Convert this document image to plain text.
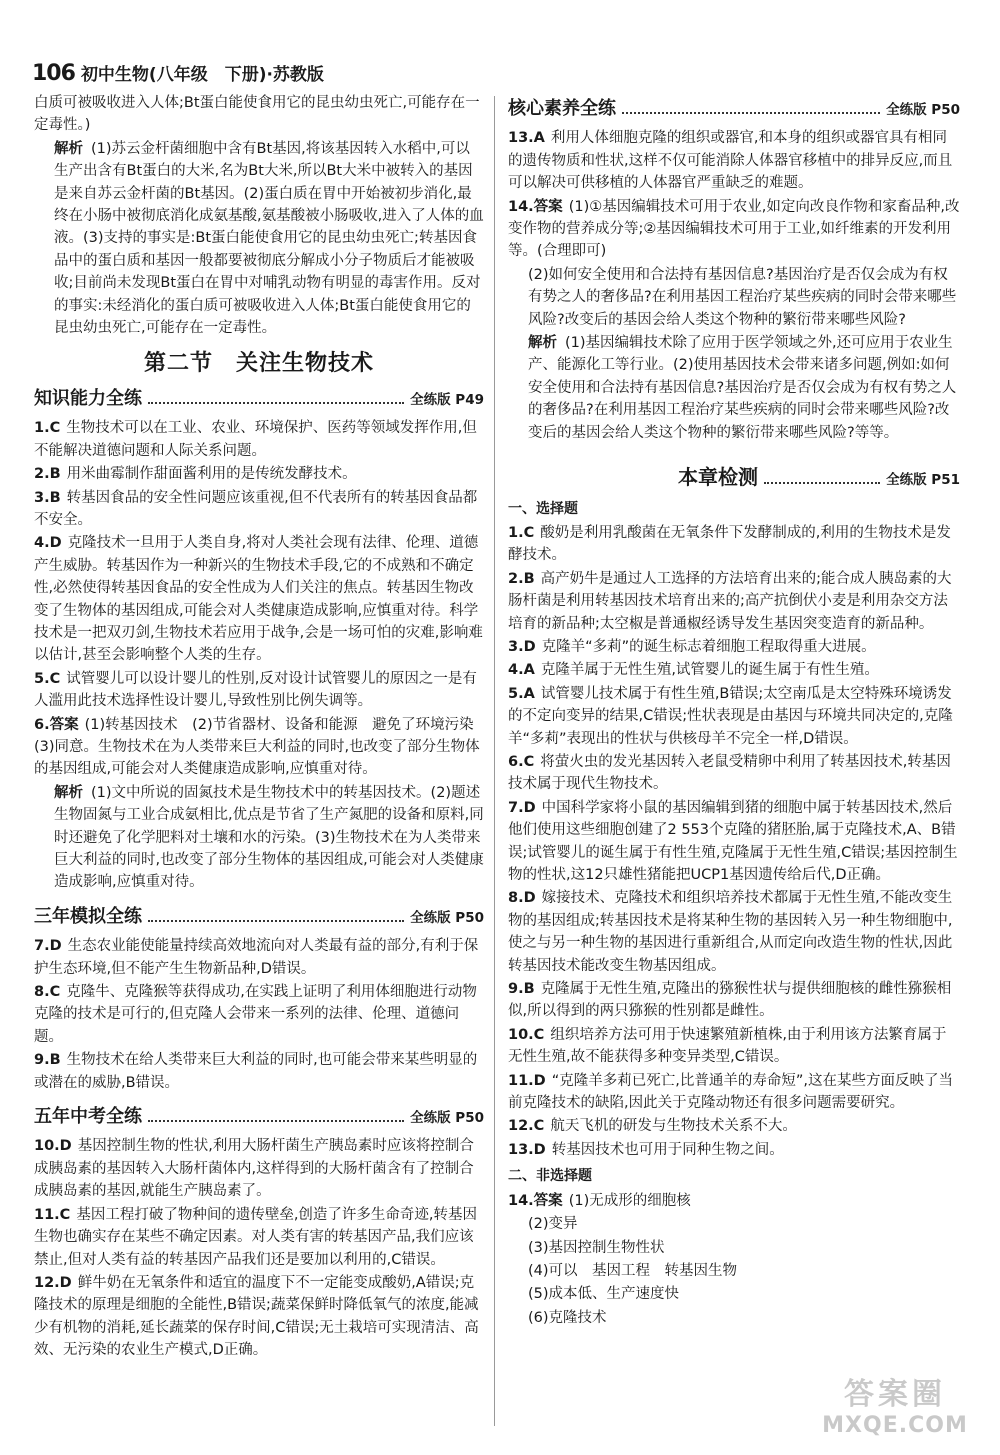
106 初中生物(八年级　下册)·苏教版

白质可被吸收进入人体;Bt蛋白能使食用它的昆虫幼虫死亡,可能存在一定毒性。)

解析 (1)苏云金杆菌细胞中含有Bt基因,将该基因转入水稻中,可以生产出含有Bt蛋白的大米,名为Bt大米,所以Bt大米中被转入的基因是来自苏云金杆菌的Bt基因。(2)蛋白质在胃中开始被初步消化,最终在小肠中被彻底消化成氨基酸,氨基酸被小肠吸收,进入了人体的血液。(3)支持的事实是:Bt蛋白能使食用它的昆虫幼虫死亡;转基因食品中的蛋白质和基因一般都要被彻底分解成小分子物质后才能被吸收;目前尚未发现Bt蛋白在胃中对哺乳动物有明显的毒害作用。反对的事实:未经消化的蛋白质可被吸收进入人体;Bt蛋白能使食用它的昆虫幼虫死亡,可能存在一定毒性。

第二节　关注生物技术
知识能力全练	全练版 P49

1.C 生物技术可以在工业、农业、环境保护、医药等领域发挥作用,但不能解决道德问题和人际关系问题。

2.B 用米曲霉制作甜面酱利用的是传统发酵技术。

3.B 转基因食品的安全性问题应该重视,但不代表所有的转基因食品都不安全。

4.D 克隆技术一旦用于人类自身,将对人类社会现有法律、伦理、道德产生威胁。转基因作为一种新兴的生物技术手段,它的不成熟和不确定性,必然使得转基因食品的安全性成为人们关注的焦点。转基因生物改变了生物体的基因组成,可能会对人类健康造成影响,应慎重对待。科学技术是一把双刃剑,生物技术若应用于战争,会是一场可怕的灾难,影响难以估计,甚至会影响整个人类的生存。

5.C 试管婴儿可以设计婴儿的性别,反对设计试管婴儿的原因之一是有人滥用此技术选择性设计婴儿,导致性别比例失调等。

6.答案 (1)转基因技术　(2)节省器材、设备和能源　避免了环境污染　(3)同意。生物技术在为人类带来巨大利益的同时,也改变了部分生物体的基因组成,可能会对人类健康造成影响,应慎重对待。

解析 (1)文中所说的固氮技术是生物技术中的转基因技术。(2)题述生物固氮与工业合成氨相比,优点是节省了生产氮肥的设备和原料,同时还避免了化学肥料对土壤和水的污染。(3)生物技术在为人类带来巨大利益的同时,也改变了部分生物体的基因组成,可能会对人类健康造成影响,应慎重对待。

三年模拟全练	全练版 P50

7.D 生态农业能使能量持续高效地流向对人类最有益的部分,有利于保护生态环境,但不能产生生物新品种,D错误。

8.C 克隆牛、克隆猴等获得成功,在实践上证明了利用体细胞进行动物克隆的技术是可行的,但克隆人会带来一系列的法律、伦理、道德问题。

9.B 生物技术在给人类带来巨大利益的同时,也可能会带来某些明显的或潜在的威胁,B错误。

五年中考全练	全练版 P50

10.D 基因控制生物的性状,利用大肠杆菌生产胰岛素时应该将控制合成胰岛素的基因转入大肠杆菌体内,这样得到的大肠杆菌含有了控制合成胰岛素的基因,就能生产胰岛素了。

11.C 基因工程打破了物种间的遗传壁垒,创造了许多生命奇迹,转基因生物也确实存在某些不确定因素。对人类有害的转基因产品,我们应该禁止,但对人类有益的转基因产品我们还是要加以利用的,C错误。

12.D 鲜牛奶在无氧条件和适宜的温度下不一定能变成酸奶,A错误;克隆技术的原理是细胞的全能性,B错误;蔬菜保鲜时降低氧气的浓度,能减少有机物的消耗,延长蔬菜的保存时间,C错误;无土栽培可实现清洁、高效、无污染的农业生产模式,D正确。

核心素养全练	全练版 P50

13.A 利用人体细胞克隆的组织或器官,和本身的组织或器官具有相同的遗传物质和性状,这样不仅可能消除人体器官移植中的排异反应,而且可以解决可供移植的人体器官严重缺乏的难题。

14.答案 (1)①基因编辑技术可用于农业,如定向改良作物和家畜品种,改变作物的营养成分等;②基因编辑技术可用于工业,如纤维素的开发利用等。(合理即可)

(2)如何安全使用和合法持有基因信息?基因治疗是否仅会成为有权有势之人的奢侈品?在利用基因工程治疗某些疾病的同时会带来哪些风险?改变后的基因会给人类这个物种的繁衍带来哪些风险?

解析 (1)基因编辑技术除了应用于医学领域之外,还可应用于农业生产、能源化工等行业。(2)使用基因技术会带来诸多问题,例如:如何安全使用和合法持有基因信息?基因治疗是否仅会成为有权有势之人的奢侈品?在利用基因工程治疗某些疾病的同时会带来哪些风险?改变后的基因会给人类这个物种的繁衍带来哪些风险?等等。

本章检测	全练版 P51
一、选择题

1.C 酸奶是利用乳酸菌在无氧条件下发酵制成的,利用的生物技术是发酵技术。

2.B 高产奶牛是通过人工选择的方法培育出来的;能合成人胰岛素的大肠杆菌是利用转基因技术培育出来的;高产抗倒伏小麦是利用杂交方法培育的新品种;太空椒是普通椒经诱导发生基因突变造育的新品种。

3.D 克隆羊“多莉”的诞生标志着细胞工程取得重大进展。

4.A 克隆羊属于无性生殖,试管婴儿的诞生属于有性生殖。

5.A 试管婴儿技术属于有性生殖,B错误;太空南瓜是太空特殊环境诱发的不定向变异的结果,C错误;性状表现是由基因与环境共同决定的,克隆羊“多莉”表现出的性状与供核母羊不完全一样,D错误。

6.C 将萤火虫的发光基因转入老鼠受精卵中利用了转基因技术,转基因技术属于现代生物技术。

7.D 中国科学家将小鼠的基因编辑到猪的细胞中属于转基因技术,然后他们使用这些细胞创建了2 553个克隆的猪胚胎,属于克隆技术,A、B错误;试管婴儿的诞生属于有性生殖,克隆属于无性生殖,C错误;基因控制生物的性状,这12只雄性猪能把UCP1基因遗传给后代,D正确。

8.D 嫁接技术、克隆技术和组织培养技术都属于无性生殖,不能改变生物的基因组成;转基因技术是将某种生物的基因转入另一种生物细胞中,使之与另一种生物的基因进行重新组合,从而定向改造生物的性状,因此转基因技术能改变生物基因组成。

9.B 克隆属于无性生殖,克隆出的猕猴性状与提供细胞核的雌性猕猴相似,所以得到的两只猕猴的性别都是雌性。

10.C 组织培养方法可用于快速繁殖新植株,由于利用该方法繁育属于无性生殖,故不能获得多种变异类型,C错误。

11.D “克隆羊多莉已死亡,比普通羊的寿命短”,这在某些方面反映了当前克隆技术的缺陷,因此关于克隆动物还有很多问题需要研究。

12.C 航天飞机的研发与生物技术关系不大。

13.D 转基因技术也可用于同种生物之间。

二、非选择题

14.答案 (1)无成形的细胞核

(2)变异

(3)基因控制生物性状

(4)可以　基因工程　转基因生物

(5)成本低、生产速度快

(6)克隆技术

答案圈
MXQE.COM
